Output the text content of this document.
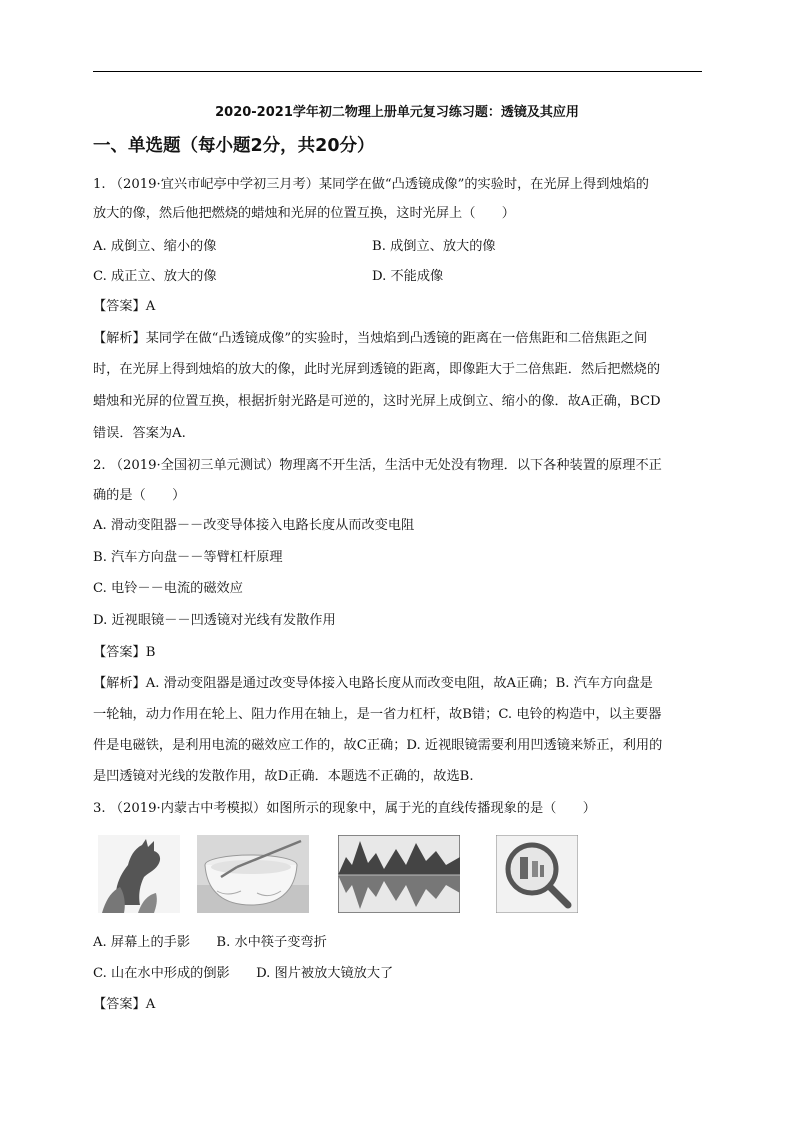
2020-2021学年初二物理上册单元复习练习题：透镜及其应用
一、单选题（每小题2分，共20分）
1. （2019·宜兴市屺亭中学初三月考）某同学在做“凸透镜成像”的实验时，在光屏上得到烛焰的
放大的像，然后他把燃烧的蜡烛和光屏的位置互换，这时光屏上（　　）
A. 成倒立、缩小的像	B. 成倒立、放大的像
C. 成正立、放大的像	D. 不能成像
【答案】A
【解析】某同学在做“凸透镜成像”的实验时，当烛焰到凸透镜的距离在一倍焦距和二倍焦距之间
时，在光屏上得到烛焰的放大的像，此时光屏到透镜的距离，即像距大于二倍焦距．然后把燃烧的
蜡烛和光屏的位置互换，根据折射光路是可逆的，这时光屏上成倒立、缩小的像．故A正确，BCD
错误．答案为A.
2. （2019·全国初三单元测试）物理离不开生活，生活中无处没有物理．以下各种装置的原理不正
确的是（　　）
A. 滑动变阻器－－改变导体接入电路长度从而改变电阻
B. 汽车方向盘－－等臂杠杆原理
C. 电铃－－电流的磁效应
D. 近视眼镜－－凹透镜对光线有发散作用
【答案】B
【解析】A. 滑动变阻器是通过改变导体接入电路长度从而改变电阻，故A正确；B. 汽车方向盘是
一轮轴，动力作用在轮上、阻力作用在轴上，是一省力杠杆，故B错；C. 电铃的构造中，以主要器
件是电磁铁，是利用电流的磁效应工作的，故C正确；D. 近视眼镜需要利用凹透镜来矫正，利用的
是凹透镜对光线的发散作用，故D正确．本题选不正确的，故选B.
3. （2019·内蒙古中考模拟）如图所示的现象中，属于光的直线传播现象的是（　　）
A. 屏幕上的手影　　B. 水中筷子变弯折
C. 山在水中形成的倒影　　D. 图片被放大镜放大了
【答案】A
